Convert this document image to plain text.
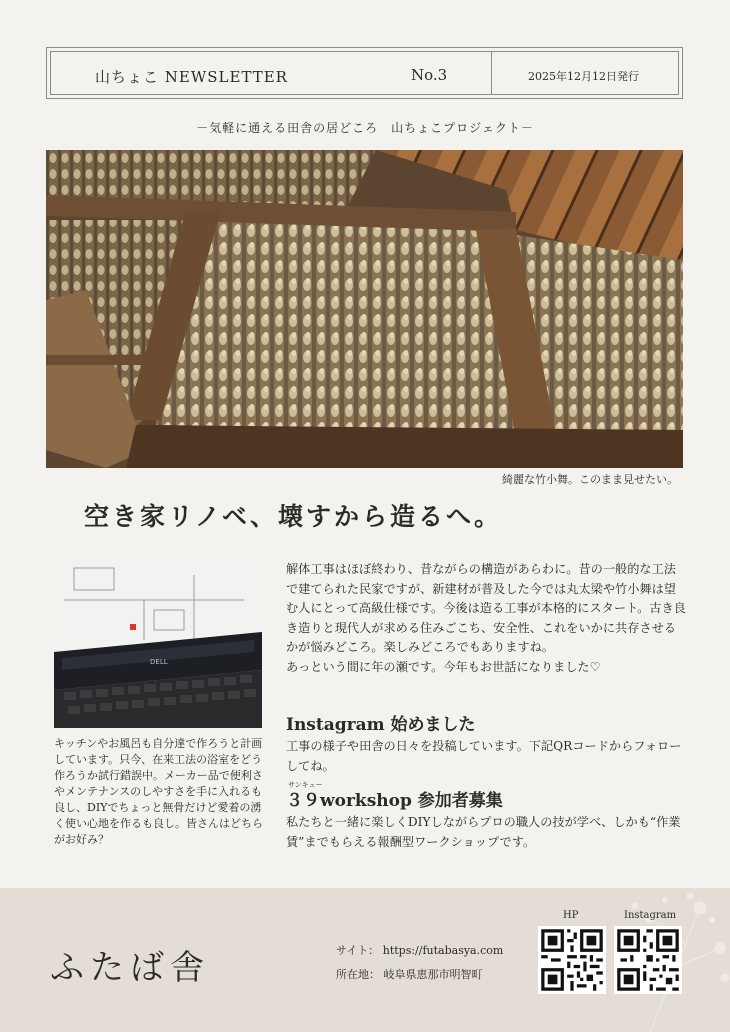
山ちょこ NEWSLETTER	No.3	2025年12月12日発行
－気軽に通える田舎の居どころ　山ちょこプロジェクト－
綺麗な竹小舞。このまま見せたい。
空き家リノベ、壊すから造るへ。
DELL
キッチンやお風呂も自分達で作ろうと計画しています。只今、在来工法の浴室をどう作ろうか試行錯誤中。メーカー品で便利さやメンテナンスのしやすさを手に入れるも良し、DIYでちょっと無骨だけど愛着の湧く使い心地を作るも良し。皆さんはどちらがお好み？
解体工事はほぼ終わり、昔ながらの構造があらわに。昔の一般的な工法で建てられた民家ですが、新建材が普及した今では丸太梁や竹小舞は望む人にとって高級仕様です。今後は造る工事が本格的にスタート。古き良き造りと現代人が求める住みごこち、安全性、これをいかに共存させるかが悩みどころ。楽しみどころでもありますね。
あっという間に年の瀬です。今年もお世話になりました♡
Instagram 始めました
工事の様子や田舎の日々を投稿しています。下記QRコードからフォローしてね。
サンキュー
３９workshop 参加者募集
私たちと一緒に楽しくDIYしながらプロの職人の技が学べ、しかも“作業賃”までもらえる報酬型ワークショップです。
ふたば舎	サイト： https://futabasya.com
所在地： 岐阜県恵那市明智町
HP	Instagram
